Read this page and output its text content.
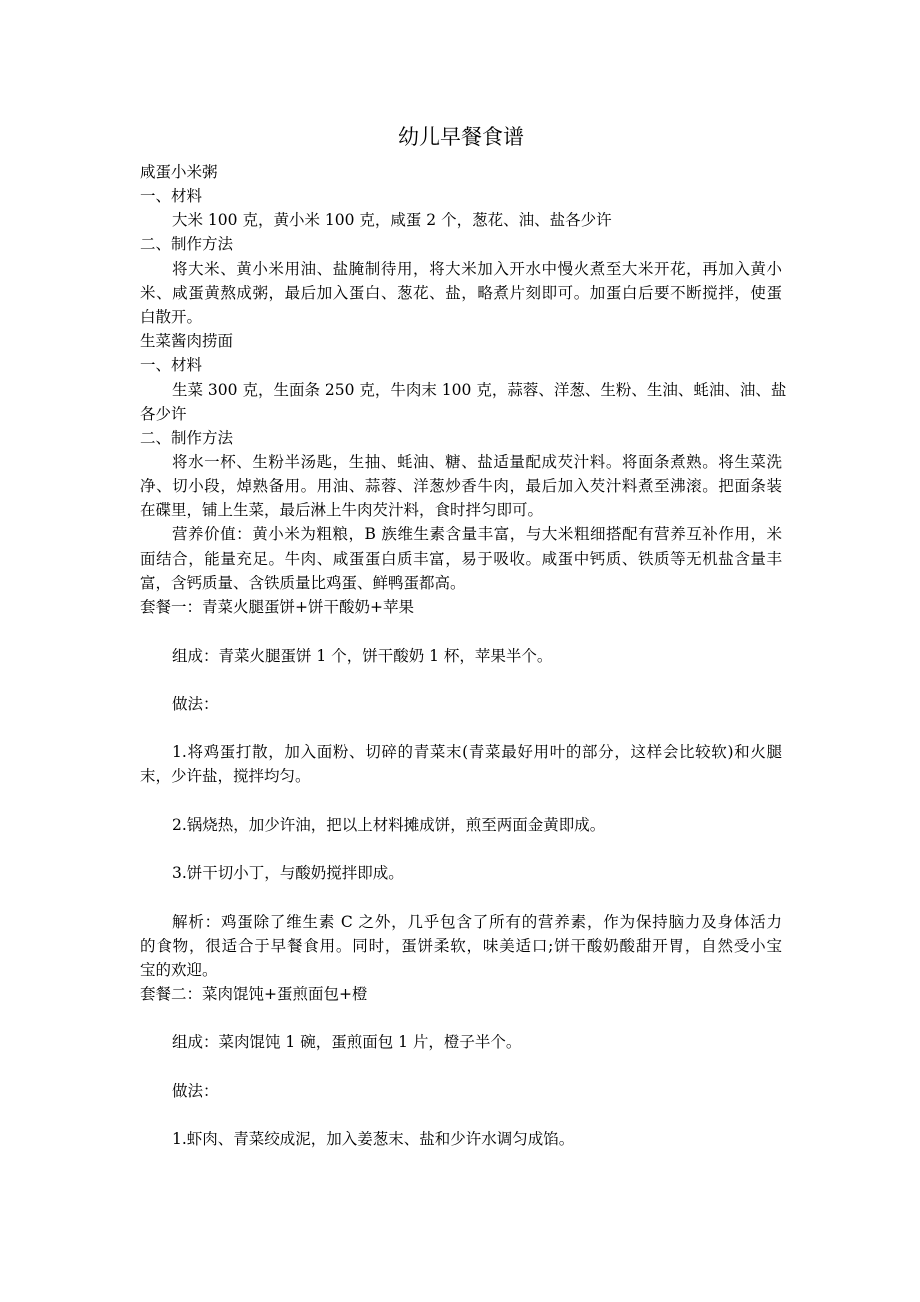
幼儿早餐食谱
咸蛋小米粥
一、材料
大米 100 克，黄小米 100 克，咸蛋 2 个，葱花、油、盐各少许
二、制作方法
将大米、黄小米用油、盐腌制待用，将大米加入开水中慢火煮至大米开花，再加入黄小
米、咸蛋黄熬成粥，最后加入蛋白、葱花、盐，略煮片刻即可。加蛋白后要不断搅拌，使蛋
白散开。
生菜酱肉捞面
一、材料
生菜 300 克，生面条 250 克，牛肉末 100 克，蒜蓉、洋葱、生粉、生油、蚝油、油、盐
各少许
二、制作方法
将水一杯、生粉半汤匙，生抽、蚝油、糖、盐适量配成芡汁料。将面条煮熟。将生菜洗
净、切小段，焯熟备用。用油、蒜蓉、洋葱炒香牛肉，最后加入芡汁料煮至沸滚。把面条装
在碟里，铺上生菜，最后淋上牛肉芡汁料，食时拌匀即可。
营养价值：黄小米为粗粮，B 族维生素含量丰富，与大米粗细搭配有营养互补作用，米
面结合，能量充足。牛肉、咸蛋蛋白质丰富，易于吸收。咸蛋中钙质、铁质等无机盐含量丰
富，含钙质量、含铁质量比鸡蛋、鲜鸭蛋都高。
套餐一：青菜火腿蛋饼+饼干酸奶+苹果
组成：青菜火腿蛋饼 1 个，饼干酸奶 1 杯，苹果半个。
做法：
1.将鸡蛋打散，加入面粉、切碎的青菜末(青菜最好用叶的部分，这样会比较软)和火腿
末，少许盐，搅拌均匀。
2.锅烧热，加少许油，把以上材料摊成饼，煎至两面金黄即成。
3.饼干切小丁，与酸奶搅拌即成。
解析：鸡蛋除了维生素 C 之外，几乎包含了所有的营养素，作为保持脑力及身体活力
的食物，很适合于早餐食用。同时，蛋饼柔软，味美适口;饼干酸奶酸甜开胃，自然受小宝
宝的欢迎。
套餐二：菜肉馄饨+蛋煎面包+橙
组成：菜肉馄饨 1 碗，蛋煎面包 1 片，橙子半个。
做法：
1.虾肉、青菜绞成泥，加入姜葱末、盐和少许水调匀成馅。
